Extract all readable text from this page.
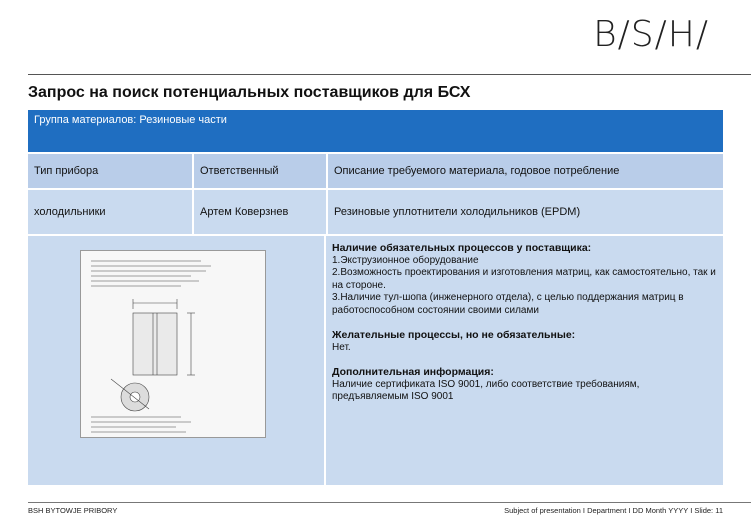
B/S/H/
Запрос на поиск потенциальных поставщиков для БСХ
Группа материалов: Резиновые части
Тип прибора	Ответственный	Описание требуемого материала, годовое потребление
холодильники	Артем Коверзнев	Резиновые уплотнители холодильников (EPDM)
Наличие обязательных процессов у поставщика:
1.Экструзионное оборудование
2.Возможность проектирования и изготовления матриц, как самостоятельно, так и на стороне.
3.Наличие тул-шопа (инженерного отдела), с целью поддержания матриц в работоспособном состоянии своими силами
Желательные процессы, но не обязательные:
Нет.
Дополнительная информация:
Наличие сертификата ISO 9001, либо соответствие требованиям, предъявляемым ISO 9001
BSH BYTOWJE PRIBORY	Subject of presentation I Department I DD Month YYYY I Slide: 11
